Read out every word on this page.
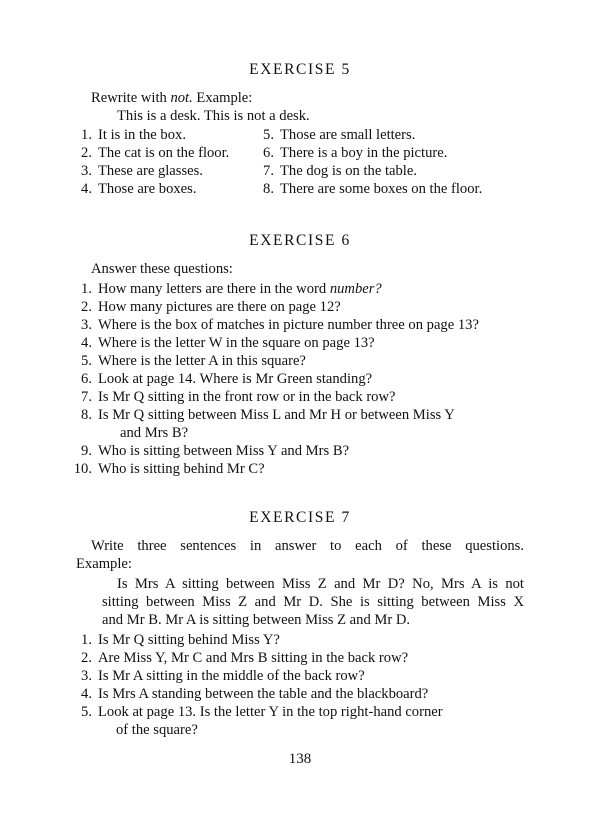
EXERCISE 5
Rewrite with not. Example:
This is a desk. This is not a desk.
1. It is in the box.
2. The cat is on the floor.
3. These are glasses.
4. Those are boxes.
5. Those are small letters.
6. There is a boy in the picture.
7. The dog is on the table.
8. There are some boxes on the floor.
EXERCISE 6
Answer these questions:
1. How many letters are there in the word number?
2. How many pictures are there on page 12?
3. Where is the box of matches in picture number three on page 13?
4. Where is the letter W in the square on page 13?
5. Where is the letter A in this square?
6. Look at page 14. Where is Mr Green standing?
7. Is Mr Q sitting in the front row or in the back row?
8. Is Mr Q sitting between Miss L and Mr H or between Miss Y
and Mrs B?
9. Who is sitting between Miss Y and Mrs B?
10. Who is sitting behind Mr C?
EXERCISE 7
Write three sentences in answer to each of these questions.
Example:
Is Mrs A sitting between Miss Z and Mr D? No, Mrs A is not
sitting between Miss Z and Mr D. She is sitting between Miss X
and Mr B. Mr A is sitting between Miss Z and Mr D.
1. Is Mr Q sitting behind Miss Y?
2. Are Miss Y, Mr C and Mrs B sitting in the back row?
3. Is Mr A sitting in the middle of the back row?
4. Is Mrs A standing between the table and the blackboard?
5. Look at page 13. Is the letter Y in the top right-hand corner
of the square?
138
